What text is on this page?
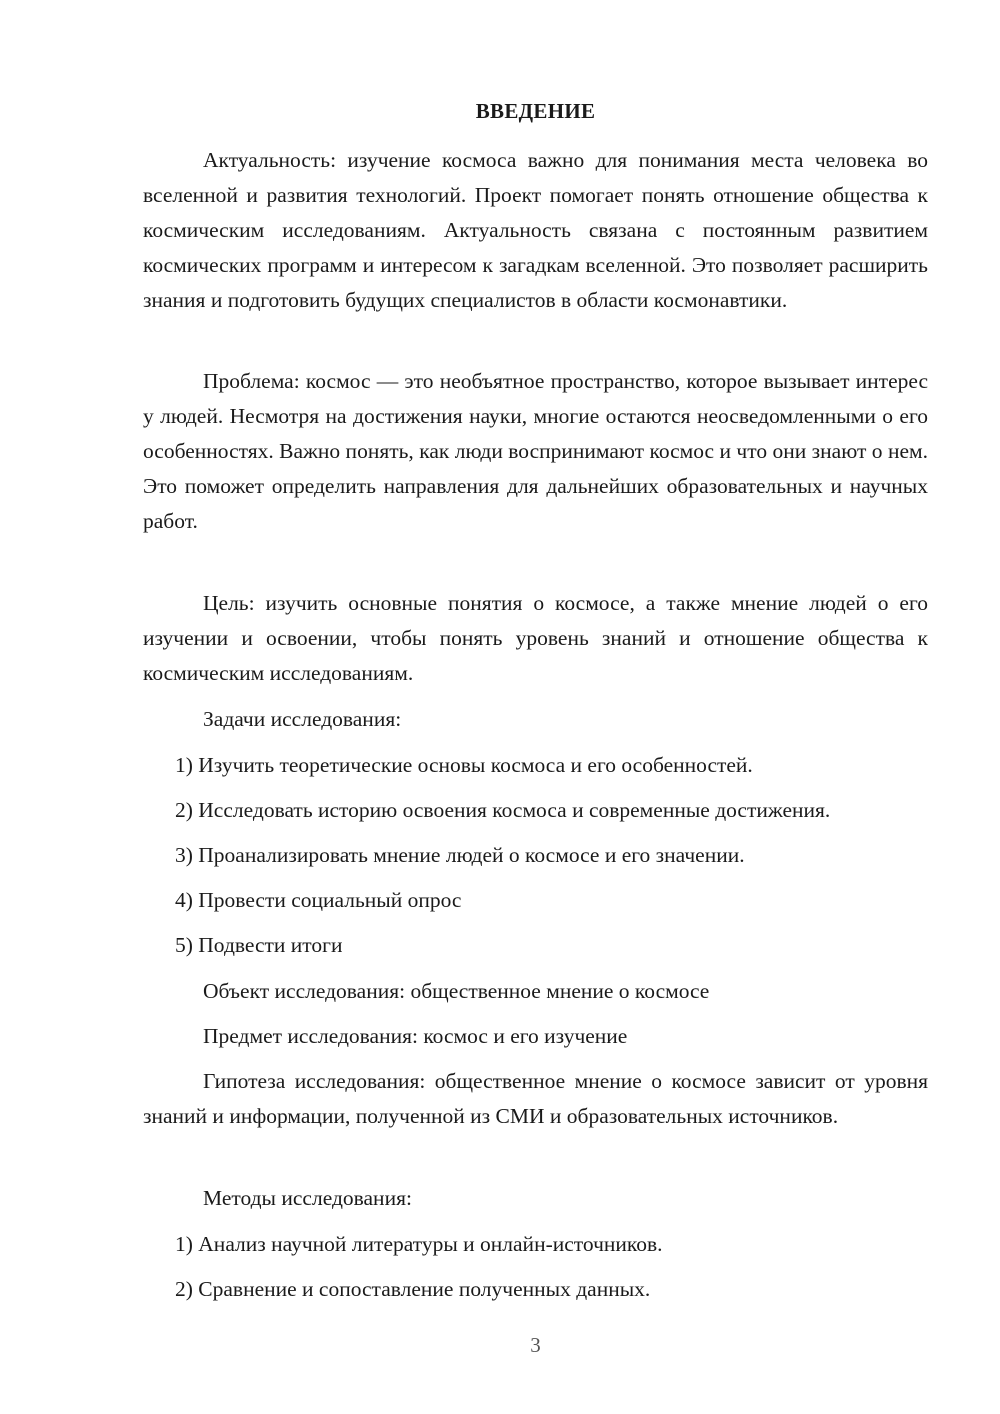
ВВЕДЕНИЕ

Актуальность: изучение космоса важно для понимания места человека во вселенной и развития технологий. Проект помогает понять отношение общества к космическим исследованиям. Актуальность связана с постоянным развитием космических программ и интересом к загадкам вселенной. Это позволяет расширить знания и подготовить будущих специалистов в области космонавтики.

Проблема: космос — это необъятное пространство, которое вызывает интерес у людей. Несмотря на достижения науки, многие остаются неосведомленными о его особенностях. Важно понять, как люди воспринимают космос и что они знают о нем. Это поможет определить направления для дальнейших образовательных и научных работ.

Цель: изучить основные понятия о космосе, а также мнение людей о его изучении и освоении, чтобы понять уровень знаний и отношение общества к космическим исследованиям.

Задачи исследования:

1) Изучить теоретические основы космоса и его особенностей.

2) Исследовать историю освоения космоса и современные достижения.

3) Проанализировать мнение людей о космосе и его значении.

4) Провести социальный опрос

5) Подвести итоги

Объект исследования: общественное мнение о космосе

Предмет исследования: космос и его изучение

Гипотеза исследования: общественное мнение о космосе зависит от уровня знаний и информации, полученной из СМИ и образовательных источников.

Методы исследования:

1) Анализ научной литературы и онлайн-источников.

2) Сравнение и сопоставление полученных данных.

3
